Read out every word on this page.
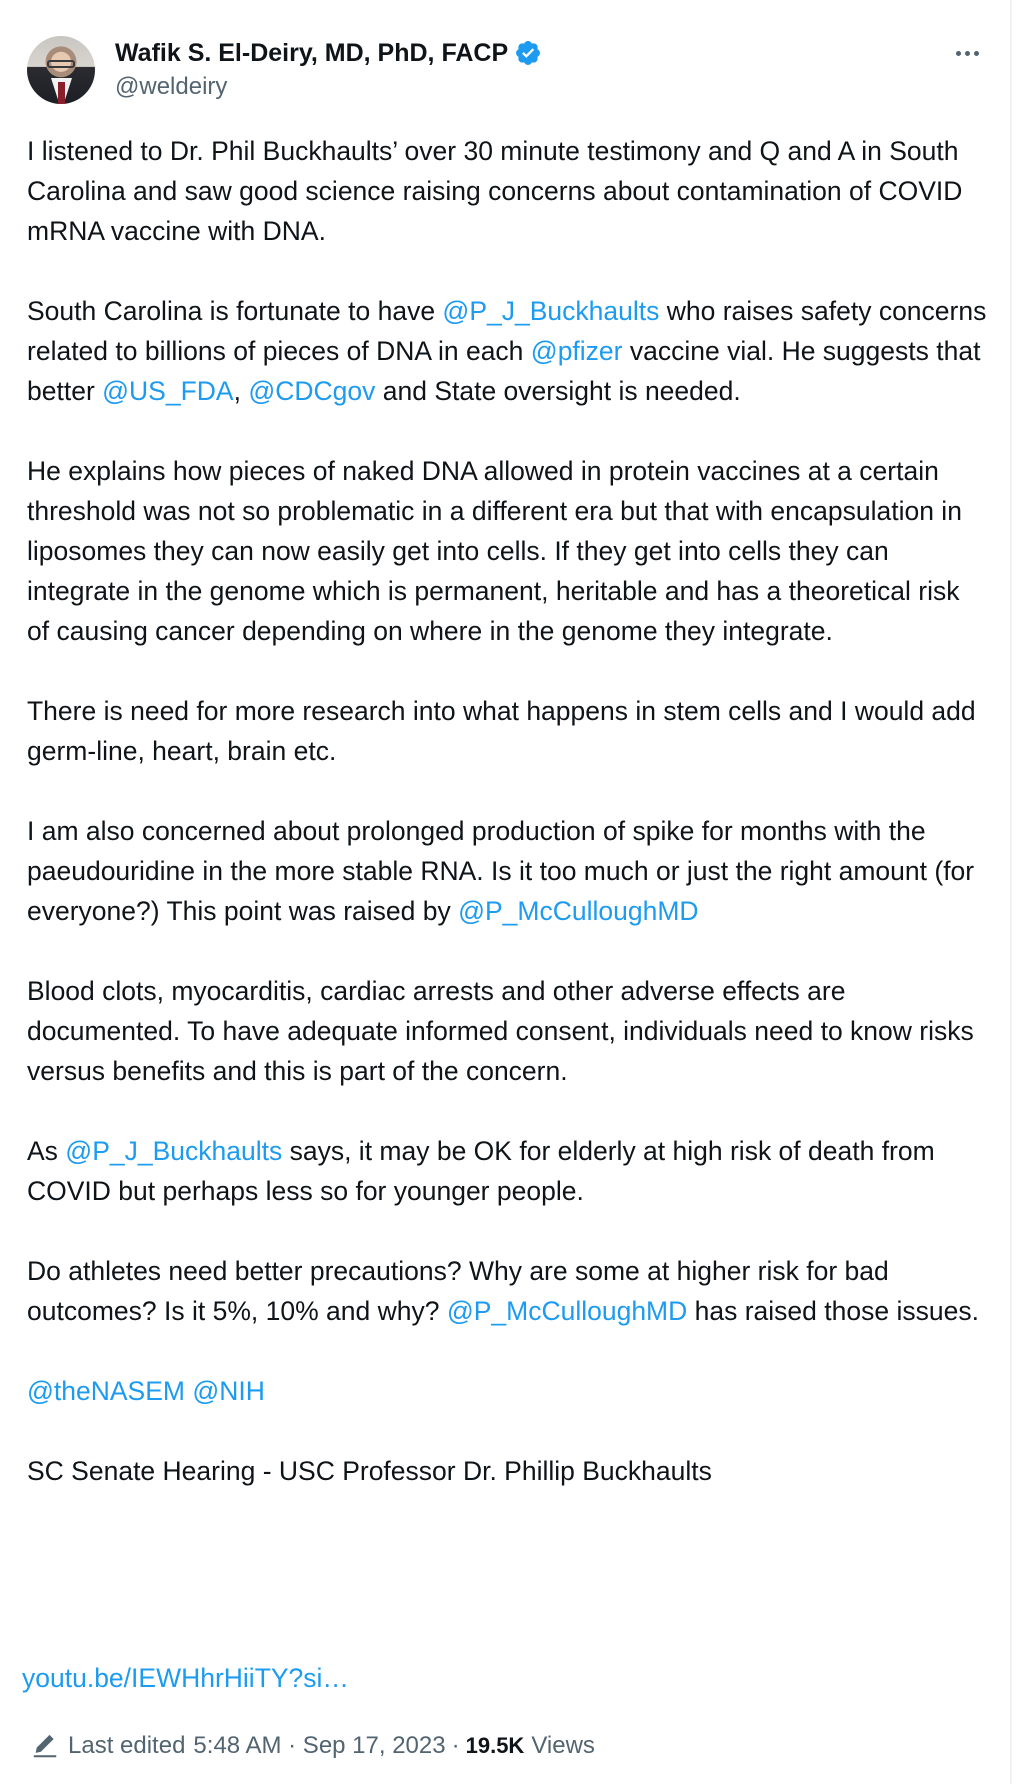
Wafik S. El-Deiry, MD, PhD, FACP
@weldeiry

I listened to Dr. Phil Buckhaults’ over 30 minute testimony and Q and A in South Carolina and saw good science raising concerns about contamination of COVID mRNA vaccine with DNA.

South Carolina is fortunate to have @P_J_Buckhaults who raises safety concerns related to billions of pieces of DNA in each @pfizer vaccine vial. He suggests that better @US_FDA, @CDCgov and State oversight is needed.

He explains how pieces of naked DNA allowed in protein vaccines at a certain threshold was not so problematic in a different era but that with encapsulation in liposomes they can now easily get into cells. If they get into cells they can integrate in the genome which is permanent, heritable and has a theoretical risk of causing cancer depending on where in the genome they integrate.

There is need for more research into what happens in stem cells and I would add germ-line, heart, brain etc.

I am also concerned about prolonged production of spike for months with the paeudouridine in the more stable RNA. Is it too much or just the right amount (for everyone?) This point was raised by @P_McCulloughMD

Blood clots, myocarditis, cardiac arrests and other adverse effects are documented. To have adequate informed consent, individuals need to know risks versus benefits and this is part of the concern.

As @P_J_Buckhaults says, it may be OK for elderly at high risk of death from COVID but perhaps less so for younger people.

Do athletes need better precautions? Why are some at higher risk for bad outcomes? Is it 5%, 10% and why? @P_McCulloughMD has raised those issues.

@theNASEM @NIH

SC Senate Hearing - USC Professor Dr. Phillip Buckhaults

youtu.be/IEWHhrHiiTY?si…
Last edited 5:48 AM · Sep 17, 2023 · 19.5K Views
